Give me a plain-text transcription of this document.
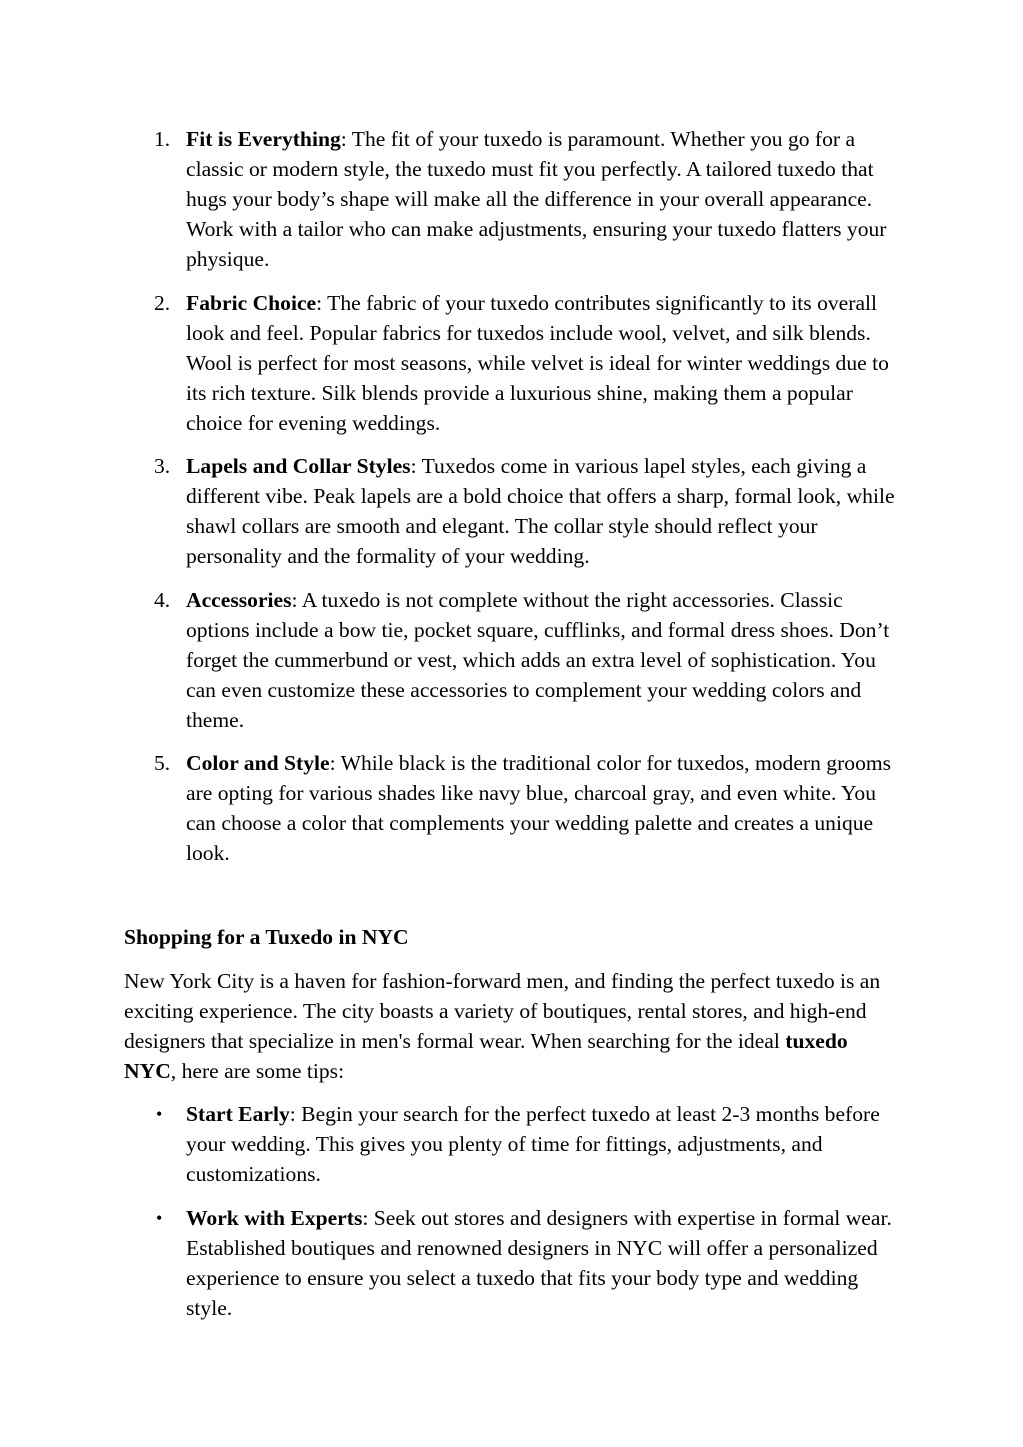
1. Fit is Everything: The fit of your tuxedo is paramount. Whether you go for a classic or modern style, the tuxedo must fit you perfectly. A tailored tuxedo that hugs your body’s shape will make all the difference in your overall appearance. Work with a tailor who can make adjustments, ensuring your tuxedo flatters your physique.

2. Fabric Choice: The fabric of your tuxedo contributes significantly to its overall look and feel. Popular fabrics for tuxedos include wool, velvet, and silk blends. Wool is perfect for most seasons, while velvet is ideal for winter weddings due to its rich texture. Silk blends provide a luxurious shine, making them a popular choice for evening weddings.

3. Lapels and Collar Styles: Tuxedos come in various lapel styles, each giving a different vibe. Peak lapels are a bold choice that offers a sharp, formal look, while shawl collars are smooth and elegant. The collar style should reflect your personality and the formality of your wedding.

4. Accessories: A tuxedo is not complete without the right accessories. Classic options include a bow tie, pocket square, cufflinks, and formal dress shoes. Don’t forget the cummerbund or vest, which adds an extra level of sophistication. You can even customize these accessories to complement your wedding colors and theme.

5. Color and Style: While black is the traditional color for tuxedos, modern grooms are opting for various shades like navy blue, charcoal gray, and even white. You can choose a color that complements your wedding palette and creates a unique look.

Shopping for a Tuxedo in NYC

New York City is a haven for fashion-forward men, and finding the perfect tuxedo is an exciting experience. The city boasts a variety of boutiques, rental stores, and high-end designers that specialize in men's formal wear. When searching for the ideal tuxedo NYC, here are some tips:

• Start Early: Begin your search for the perfect tuxedo at least 2-3 months before your wedding. This gives you plenty of time for fittings, adjustments, and customizations.

• Work with Experts: Seek out stores and designers with expertise in formal wear. Established boutiques and renowned designers in NYC will offer a personalized experience to ensure you select a tuxedo that fits your body type and wedding style.
